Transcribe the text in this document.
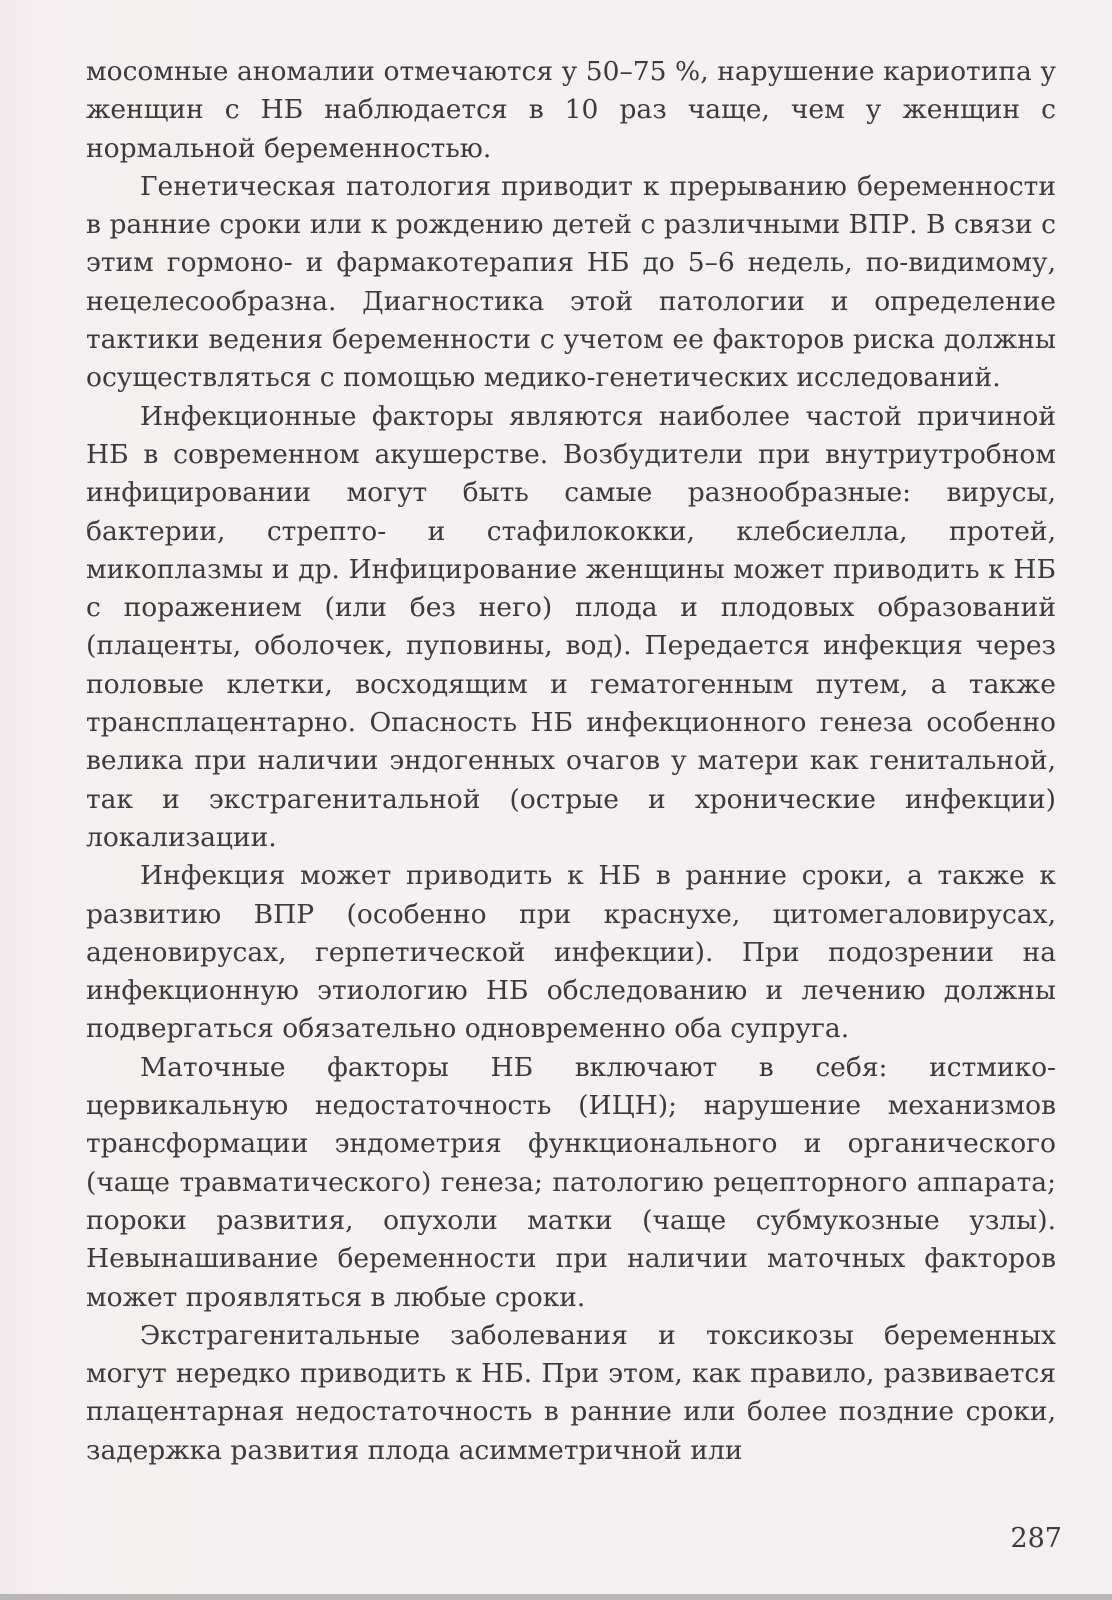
мосомные аномалии отмечаются у 50–75 %, нарушение кариотипа у женщин с НБ наблюдается в 10 раз чаще, чем у женщин с нормальной беременностью.

Генетическая патология приводит к прерыванию беременности в ранние сроки или к рождению детей с различными ВПР. В связи с этим гормоно- и фармакотерапия НБ до 5–6 недель, по-видимому, нецелесообразна. Диагностика этой патологии и определение тактики ведения беременности с учетом ее факторов риска должны осуществляться с помощью медико-генетических исследований.

Инфекционные факторы являются наиболее частой причиной НБ в современном акушерстве. Возбудители при внутриутробном инфицировании могут быть самые разнообразные: вирусы, бактерии, стрепто- и стафилококки, клебсиелла, протей, микоплазмы и др. Инфицирование женщины может приводить к НБ с поражением (или без него) плода и плодовых образований (плаценты, оболочек, пуповины, вод). Передается инфекция через половые клетки, восходящим и гематогенным путем, а также трансплацентарно. Опасность НБ инфекционного генеза особенно велика при наличии эндогенных очагов у матери как генитальной, так и экстрагенитальной (острые и хронические инфекции) локализации.

Инфекция может приводить к НБ в ранние сроки, а также к развитию ВПР (особенно при краснухе, цитомегаловирусах, аденовирусах, герпетической инфекции). При подозрении на инфекционную этиологию НБ обследованию и лечению должны подвергаться обязательно одновременно оба супруга.

Маточные факторы НБ включают в себя: истмико-цервикальную недостаточность (ИЦН); нарушение механизмов трансформации эндометрия функционального и органического (чаще травматического) генеза; патологию рецепторного аппарата; пороки развития, опухоли матки (чаще субмукозные узлы). Невынашивание беременности при наличии маточных факторов может проявляться в любые сроки.

Экстрагенитальные заболевания и токсикозы беременных могут нередко приводить к НБ. При этом, как правило, развивается плацентарная недостаточность в ранние или более поздние сроки, задержка развития плода асимметричной или

287
